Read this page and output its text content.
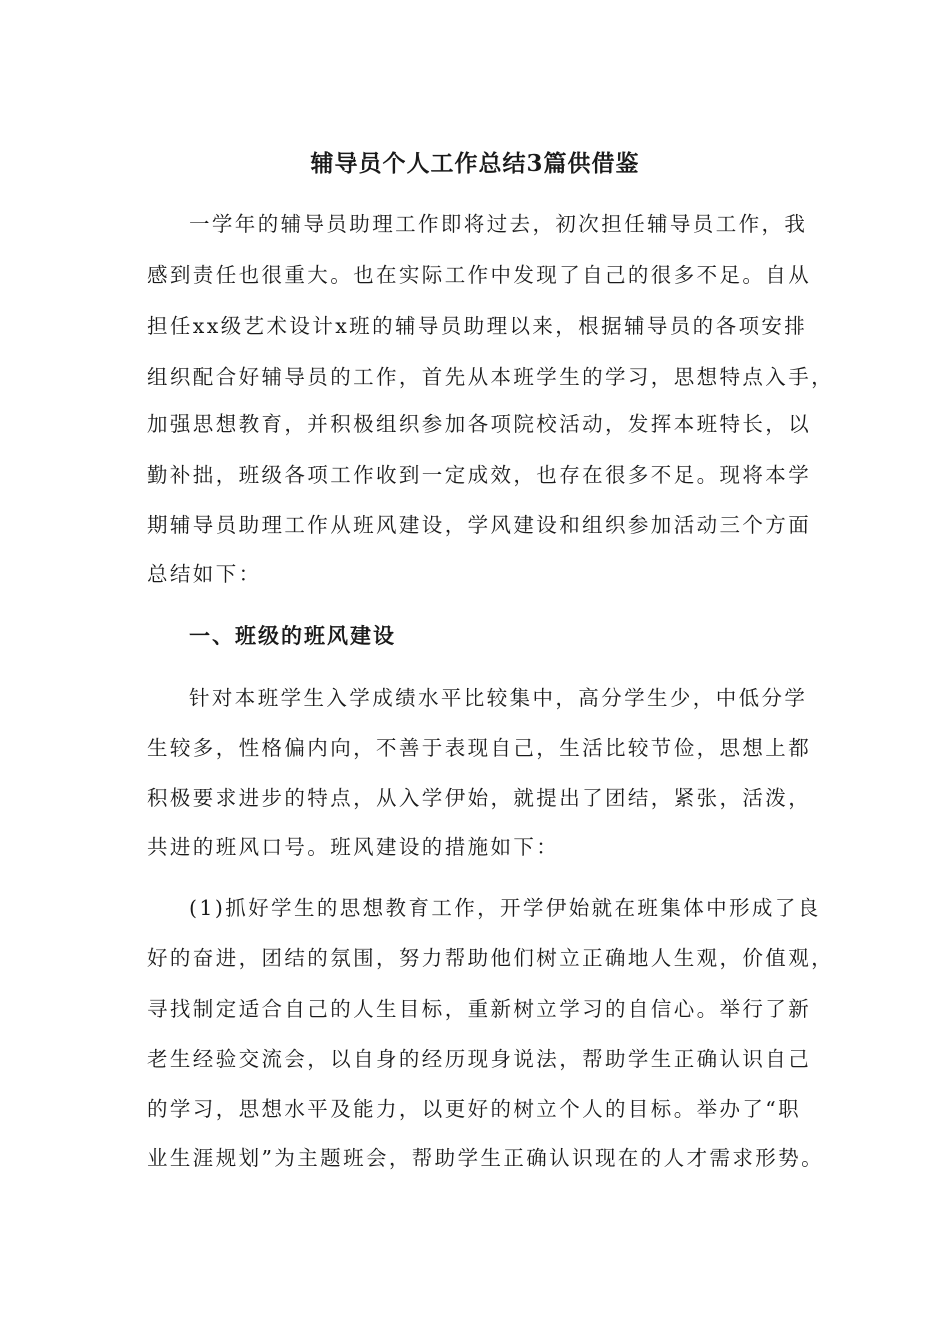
辅导员个人工作总结3篇供借鉴
一学年的辅导员助理工作即将过去，初次担任辅导员工作，我
感到责任也很重大。也在实际工作中发现了自己的很多不足。自从
担任xx级艺术设计x班的辅导员助理以来，根据辅导员的各项安排
组织配合好辅导员的工作，首先从本班学生的学习，思想特点入手，
加强思想教育，并积极组织参加各项院校活动，发挥本班特长，以
勤补拙，班级各项工作收到一定成效，也存在很多不足。现将本学
期辅导员助理工作从班风建设，学风建设和组织参加活动三个方面
总结如下：
一、班级的班风建设
针对本班学生入学成绩水平比较集中，高分学生少，中低分学
生较多，性格偏内向，不善于表现自己，生活比较节俭，思想上都
积极要求进步的特点，从入学伊始，就提出了团结，紧张，活泼，
共进的班风口号。班风建设的措施如下：
(1)抓好学生的思想教育工作，开学伊始就在班集体中形成了良
好的奋进，团结的氛围，努力帮助他们树立正确地人生观，价值观，
寻找制定适合自己的人生目标，重新树立学习的自信心。举行了新
老生经验交流会，以自身的经历现身说法，帮助学生正确认识自己
的学习，思想水平及能力，以更好的树立个人的目标。举办了“职
业生涯规划”为主题班会，帮助学生正确认识现在的人才需求形势。
